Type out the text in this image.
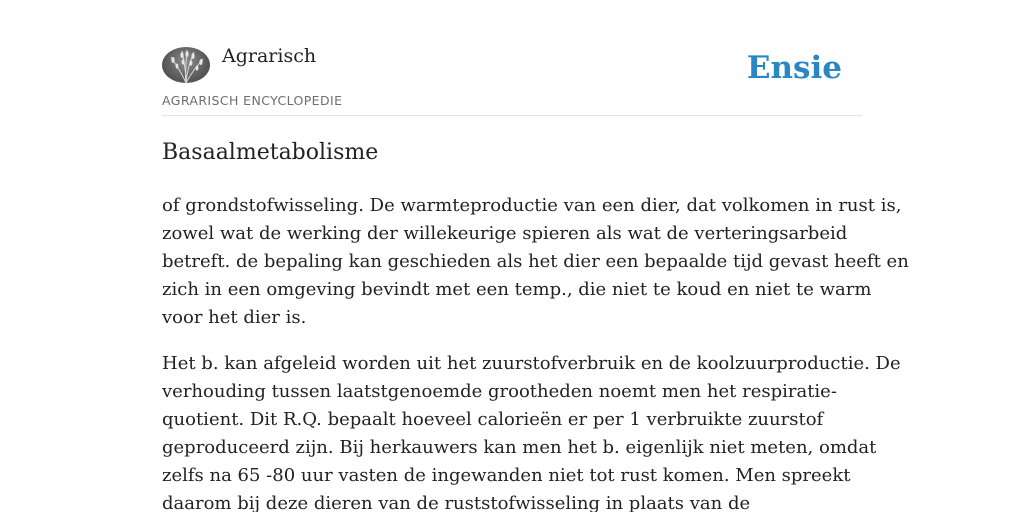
Agrarisch
AGRARISCH ENCYCLOPEDIE
Ensie
Basaalmetabolisme
of grondstofwisseling. De warmteproductie van een dier, dat volkomen in rust is,
zowel wat de werking der willekeurige spieren als wat de verteringsarbeid
betreft. de bepaling kan geschieden als het dier een bepaalde tijd gevast heeft en
zich in een omgeving bevindt met een temp., die niet te koud en niet te warm
voor het dier is.
Het b. kan afgeleid worden uit het zuurstofverbruik en de koolzuurproductie. De
verhouding tussen laatstgenoemde grootheden noemt men het respiratie-
quotient. Dit R.Q. bepaalt hoeveel calorieën er per 1 verbruikte zuurstof
geproduceerd zijn. Bij herkauwers kan men het b. eigenlijk niet meten, omdat
zelfs na 65 -80 uur vasten de ingewanden niet tot rust komen. Men spreekt
daarom bij deze dieren van de ruststofwisseling in plaats van de
